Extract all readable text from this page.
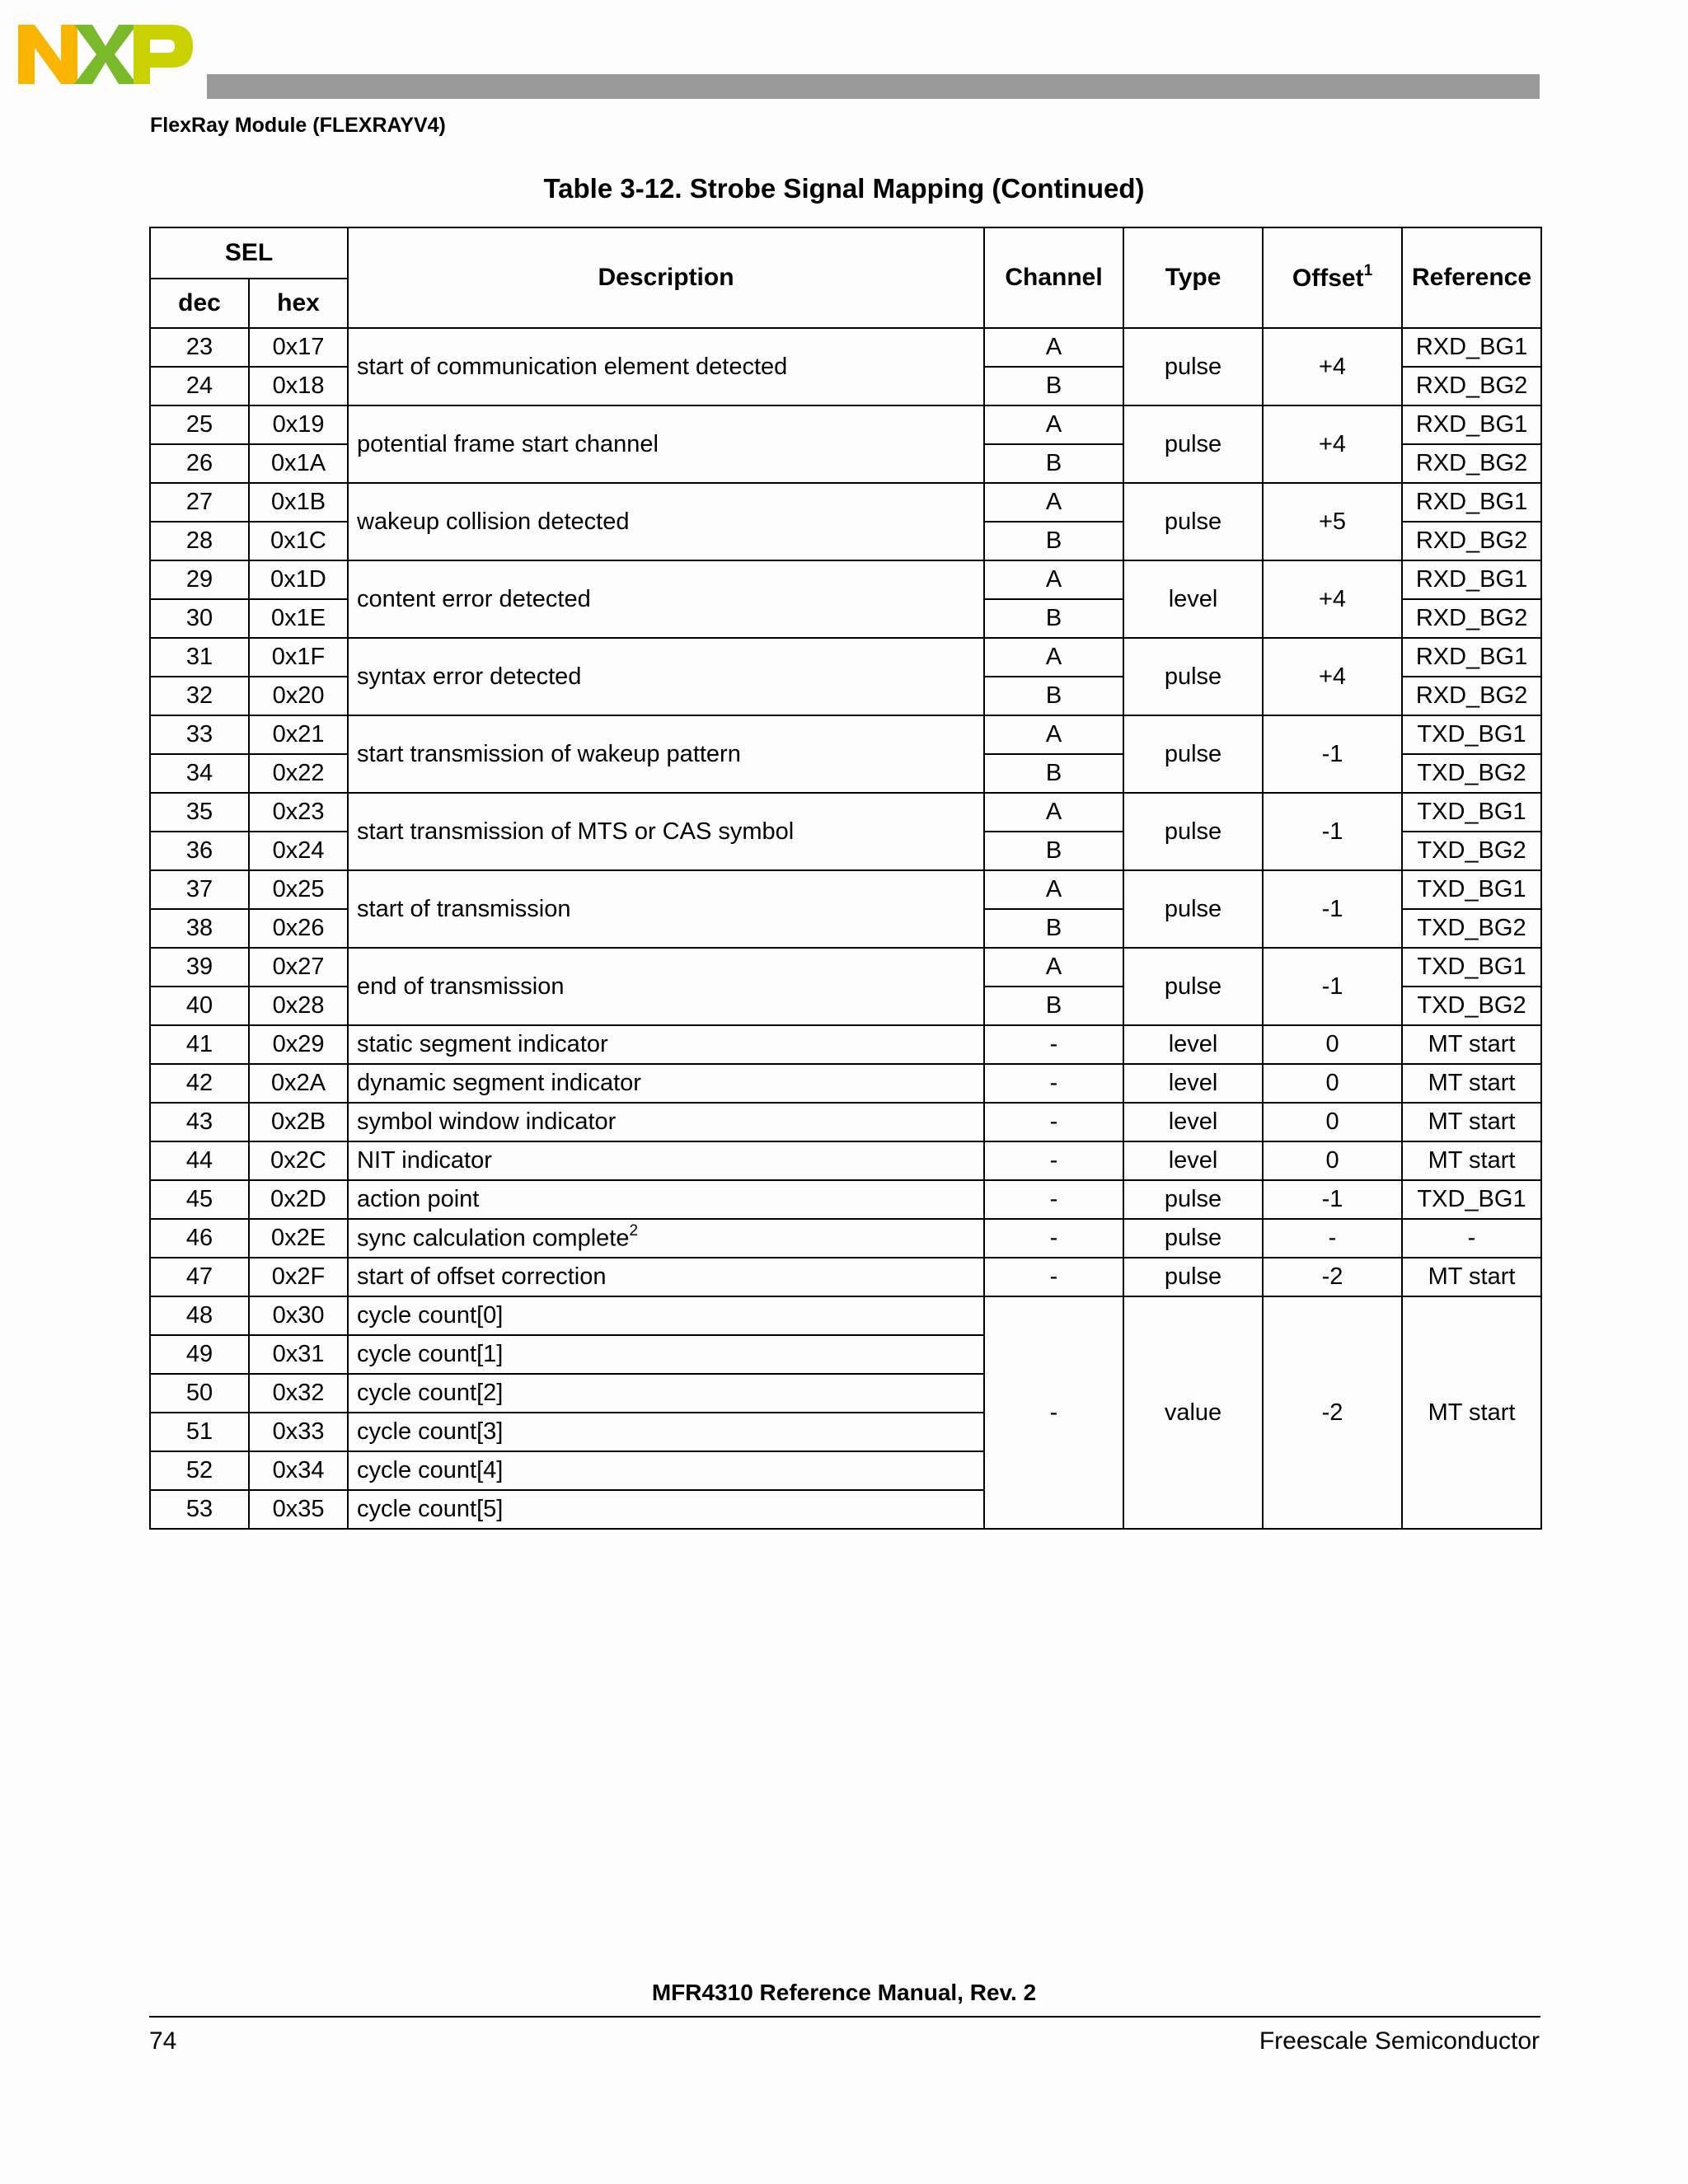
FlexRay Module (FLEXRAYV4)
Table 3-12. Strobe Signal Mapping (Continued)
SEL		Description	Channel	Type	Offset$^1$	Reference
dec	hex					
23	0x17	start of communication element detected	A	pulse	+4	RXD_BG1
24	0x18		B			RXD_BG2
25	0x19	potential frame start channel	A	pulse	+4	RXD_BG1
26	0x1A		B			RXD_BG2
27	0x1B	wakeup collision detected	A	pulse	+5	RXD_BG1
28	0x1C		B			RXD_BG2
29	0x1D	content error detected	A	level	+4	RXD_BG1
30	0x1E		B			RXD_BG2
31	0x1F	syntax error detected	A	pulse	+4	RXD_BG1
32	0x20		B			RXD_BG2
33	0x21	start transmission of wakeup pattern	A	pulse	-1	TXD_BG1
34	0x22		B			TXD_BG2
35	0x23	start transmission of MTS or CAS symbol	A	pulse	-1	TXD_BG1
36	0x24		B			TXD_BG2
37	0x25	start of transmission	A	pulse	-1	TXD_BG1
38	0x26		B			TXD_BG2
39	0x27	end of transmission	A	pulse	-1	TXD_BG1
40	0x28		B			TXD_BG2
41	0x29	static segment indicator	-	level	0	MT start
42	0x2A	dynamic segment indicator	-	level	0	MT start
43	0x2B	symbol window indicator	-	level	0	MT start
44	0x2C	NIT indicator	-	level	0	MT start
45	0x2D	action point	-	pulse	-1	TXD_BG1
46	0x2E	sync calculation complete$^2$	-	pulse	-	-
47	0x2F	start of offset correction	-	pulse	-2	MT start
48	0x30	cycle count[0]	-	value	-2	MT start
49	0x31	cycle count[1]				
50	0x32	cycle count[2]				
51	0x33	cycle count[3]				
52	0x34	cycle count[4]				
53	0x35	cycle count[5]				
MFR4310 Reference Manual, Rev. 2
74	Freescale Semiconductor
